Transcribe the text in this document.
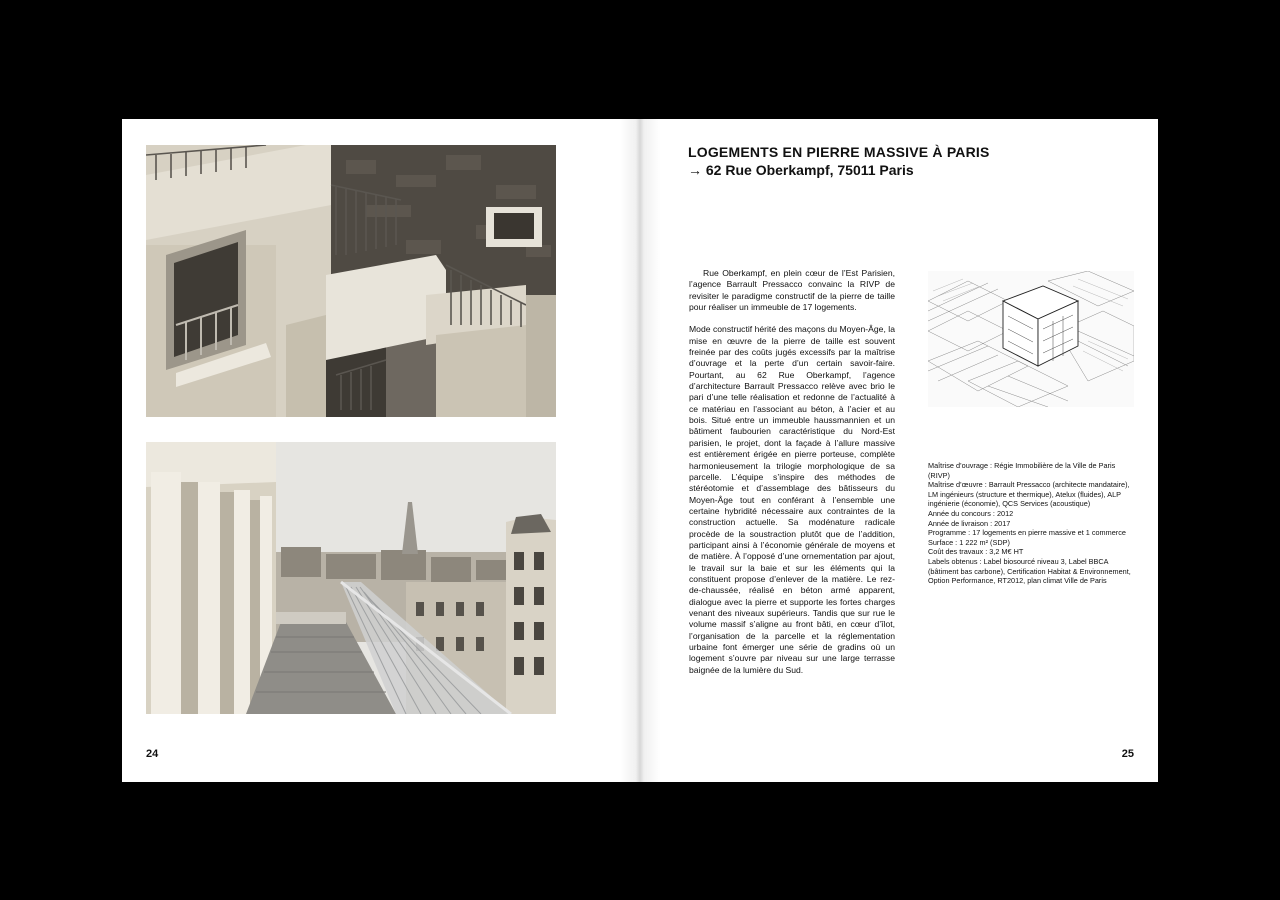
24
LOGEMENTS EN PIERRE MASSIVE À PARIS
→ 62 Rue Oberkampf, 75011 Paris

Rue Oberkampf, en plein cœur de l’Est Parisien, l’agence Barrault Pressacco convainc la RIVP de revisiter le paradigme constructif de la pierre de taille pour réaliser un immeuble de 17 logements.

Mode constructif hérité des maçons du Moyen-Âge, la mise en œuvre de la pierre de taille est souvent freinée par des coûts jugés excessifs par la maîtrise d’ouvrage et la perte d’un certain savoir-faire. Pourtant, au 62 Rue Oberkampf, l’agence d’architecture Barrault Pressacco relève avec brio le pari d’une telle réalisation et redonne de l’actualité à ce matériau en l’associant au béton, à l’acier et au bois. Situé entre un immeuble haussmannien et un bâtiment faubourien caractéristique du Nord-Est parisien, le projet, dont la façade à l’allure massive est entièrement érigée en pierre porteuse, complète harmonieusement la trilogie morphologique de sa parcelle. L’équipe s’inspire des méthodes de stéréotomie et d’assemblage des bâtisseurs du Moyen-Âge tout en conférant à l’ensemble une certaine hybridité nécessaire aux contraintes de la construction actuelle. Sa modénature radicale procède de la soustraction plutôt que de l’addition, participant ainsi à l’économie générale de moyens et de matière. À l’opposé d’une ornementation par ajout, le travail sur la baie et sur les éléments qui la constituent propose d’enlever de la matière. Le rez-de-chaussée, réalisé en béton armé apparent, dialogue avec la pierre et supporte les fortes charges venant des niveaux supérieurs. Tandis que sur rue le volume massif s’aligne au front bâti, en cœur d’îlot, l’organisation de la parcelle et la réglementation urbaine font émerger une série de gradins où un logement s’ouvre par niveau sur une large terrasse baignée de la lumière du Sud.

Maîtrise d’ouvrage : Régie Immobilière de la Ville de Paris (RIVP)
Maîtrise d’œuvre : Barrault Pressacco (architecte mandataire), LM ingénieurs (structure et thermique), Atelux (fluides), ALP ingénierie (économie), QCS Services (acoustique)
Année du concours : 2012
Année de livraison : 2017
Programme : 17 logements en pierre massive et 1 commerce
Surface : 1 222 m² (SDP)
Coût des travaux : 3,2 M€ HT
Labels obtenus : Label biosourcé niveau 3, Label BBCA (bâtiment bas carbone), Certification Habitat & Environnement, Option Performance, RT2012, plan climat Ville de Paris
25
